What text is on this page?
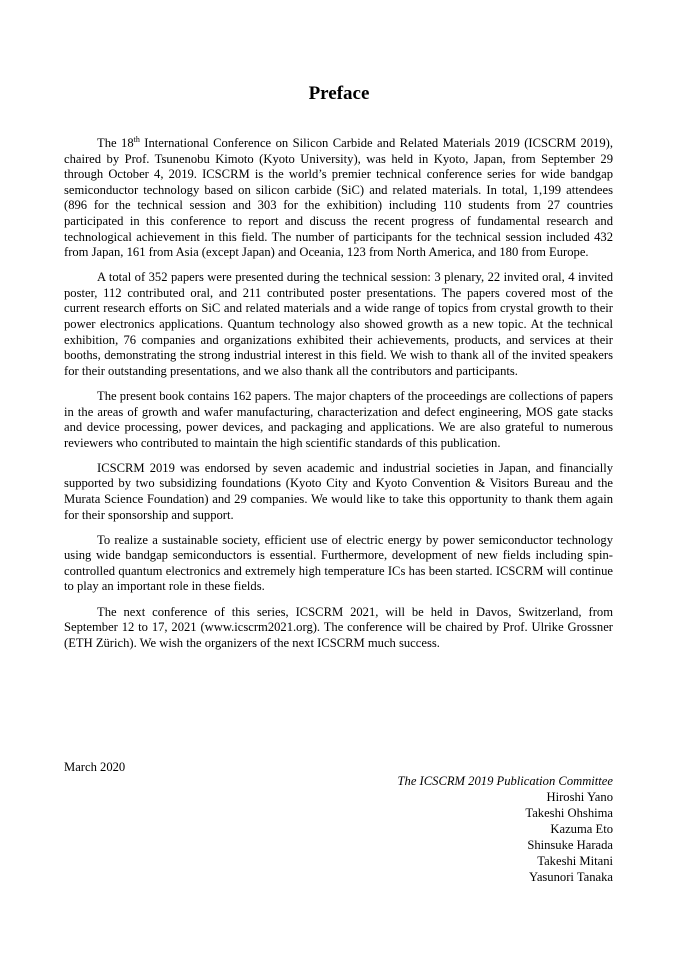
Preface

The 18th International Conference on Silicon Carbide and Related Materials 2019 (ICSCRM 2019), chaired by Prof. Tsunenobu Kimoto (Kyoto University), was held in Kyoto, Japan, from September 29 through October 4, 2019. ICSCRM is the world’s premier technical conference series for wide bandgap semiconductor technology based on silicon carbide (SiC) and related materials. In total, 1,199 attendees (896 for the technical session and 303 for the exhibition) including 110 students from 27 countries participated in this conference to report and discuss the recent progress of fundamental research and technological achievement in this field. The number of participants for the technical session included 432 from Japan, 161 from Asia (except Japan) and Oceania, 123 from North America, and 180 from Europe.

A total of 352 papers were presented during the technical session: 3 plenary, 22 invited oral, 4 invited poster, 112 contributed oral, and 211 contributed poster presentations. The papers covered most of the current research efforts on SiC and related materials and a wide range of topics from crystal growth to their power electronics applications. Quantum technology also showed growth as a new topic. At the technical exhibition, 76 companies and organizations exhibited their achievements, products, and services at their booths, demonstrating the strong industrial interest in this field. We wish to thank all of the invited speakers for their outstanding presentations, and we also thank all the contributors and participants.

The present book contains 162 papers. The major chapters of the proceedings are collections of papers in the areas of growth and wafer manufacturing, characterization and defect engineering, MOS gate stacks and device processing, power devices, and packaging and applications. We are also grateful to numerous reviewers who contributed to maintain the high scientific standards of this publication.

ICSCRM 2019 was endorsed by seven academic and industrial societies in Japan, and financially supported by two subsidizing foundations (Kyoto City and Kyoto Convention & Visitors Bureau and the Murata Science Foundation) and 29 companies. We would like to take this opportunity to thank them again for their sponsorship and support.

To realize a sustainable society, efficient use of electric energy by power semiconductor technology using wide bandgap semiconductors is essential. Furthermore, development of new fields including spin-controlled quantum electronics and extremely high temperature ICs has been started. ICSCRM will continue to play an important role in these fields.

The next conference of this series, ICSCRM 2021, will be held in Davos, Switzerland, from September 12 to 17, 2021 (www.icscrm2021.org). The conference will be chaired by Prof. Ulrike Grossner (ETH Zürich). We wish the organizers of the next ICSCRM much success.

March 2020

The ICSCRM 2019 Publication Committee
Hiroshi Yano
Takeshi Ohshima
Kazuma Eto
Shinsuke Harada
Takeshi Mitani
Yasunori Tanaka
